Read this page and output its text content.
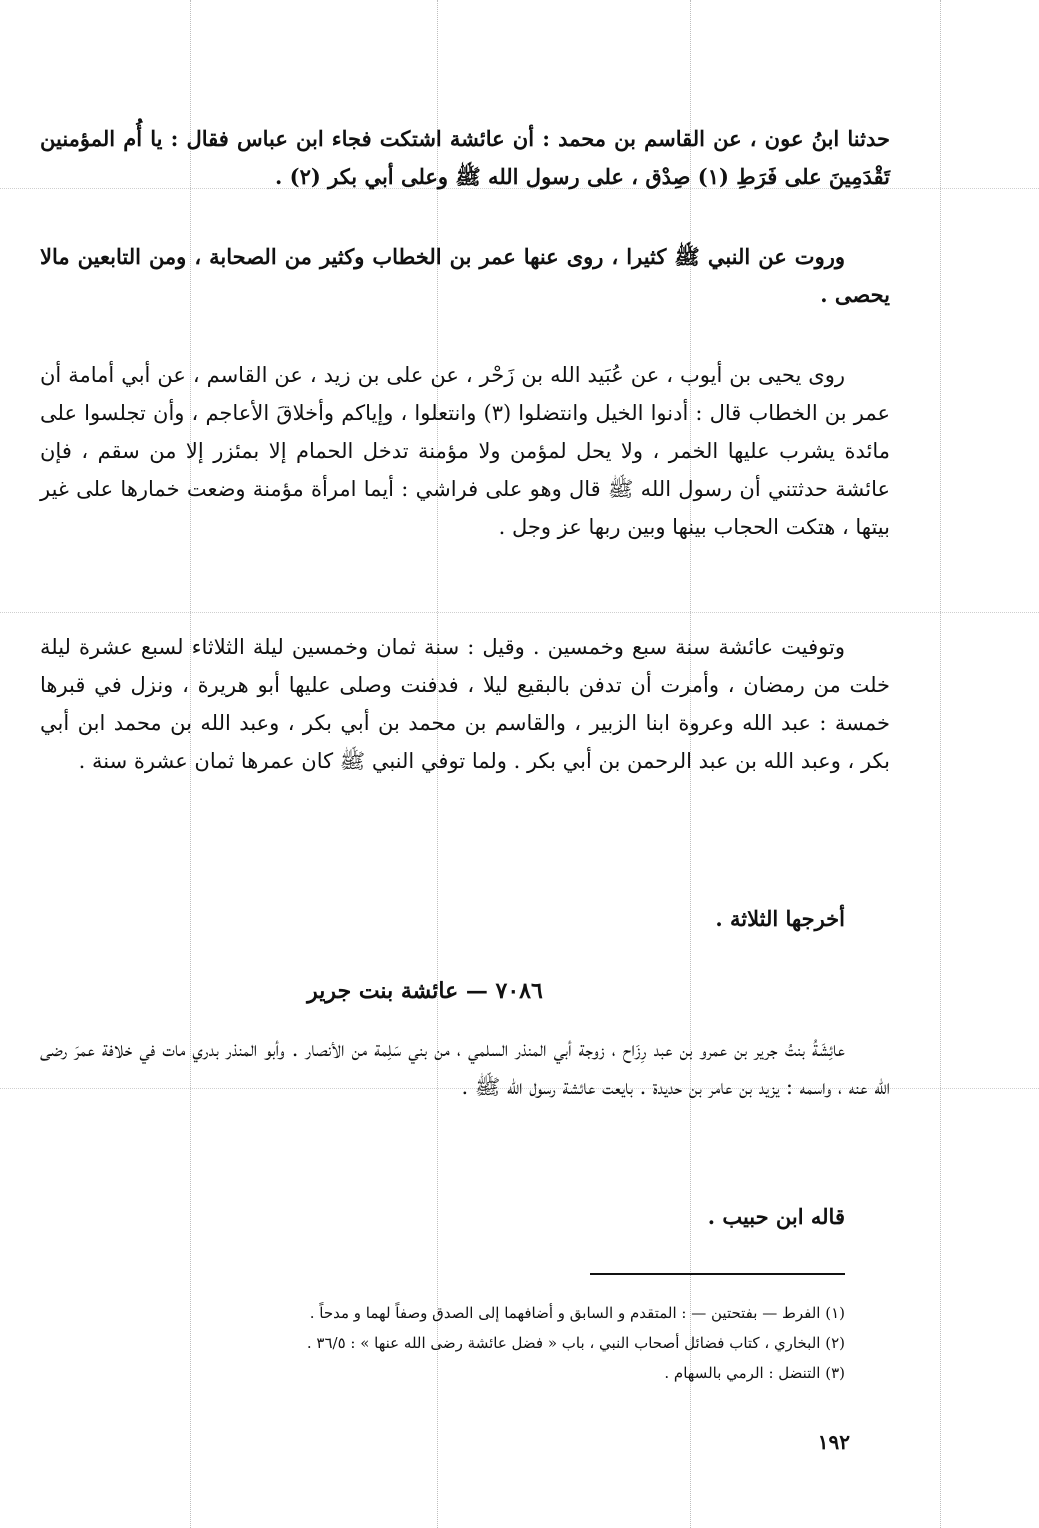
حدثنا ابنُ عون ، عن القاسم بن محمد : أن عائشة اشتكت فجاء ابن عباس فقال : يا أُم المؤمنين تَقْدَمِينَ على فَرَطِ (١) صِدْق ، على رسول الله ﷺ وعلى أبي بكر (٢) .
وروت عن النبي ﷺ كثيرا ، روى عنها عمر بن الخطاب وكثير من الصحابة ، ومن التابعين مالا يحصى .
روى يحيى بن أيوب ، عن عُبَيد الله بن زَحْر ، عن على بن زيد ، عن القاسم ، عن أبي أمامة أن عمر بن الخطاب قال : أدنوا الخيل وانتضلوا (٣) وانتعلوا ، وإياكم وأخلاقَ الأعاجم ، وأن تجلسوا على مائدة يشرب عليها الخمر ، ولا يحل لمؤمن ولا مؤمنة تدخل الحمام إلا بمئزر إلا من سقم ، فإن عائشة حدثتني أن رسول الله ﷺ قال وهو على فراشي : أيما امرأة مؤمنة وضعت خمارها على غير بيتها ، هتكت الحجاب بينها وبين ربها عز وجل .
وتوفيت عائشة سنة سبع وخمسين . وقيل : سنة ثمان وخمسين ليلة الثلاثاء لسبع عشرة ليلة خلت من رمضان ، وأمرت أن تدفن بالبقيع ليلا ، فدفنت وصلى عليها أبو هريرة ، ونزل في قبرها خمسة : عبد الله وعروة ابنا الزبير ، والقاسم بن محمد بن أبي بكر ، وعبد الله بن محمد ابن أبي بكر ، وعبد الله بن عبد الرحمن بن أبي بكر . ولما توفي النبي ﷺ كان عمرها ثمان عشرة سنة .
أخرجها الثلاثة .
٧٠٨٦ — عائشة بنت جرير
عائِشَةُ بنتُ جرير بن عمرو بن عبد رِزَاح ، زوجة أبي المنذر السلمي ، من بني سَلِمة من الأنصار . وأبو المنذر بدري مات في خلافة عمرَ رضى الله عنه ، واسمه : يزيد بن عامر بن حديدة . بايعت عائشة رسول الله ﷺ .
قاله ابن حبيب .
(١) الفرط — بفتحتين — : المتقدم و السابق و أضافهما إلى الصدق وصفاً لهما و مدحاً .
(٢) البخاري ، كتاب فضائل أصحاب النبي ، باب « فضل عائشة رضى الله عنها » : ٣٦/٥ .
(٣) التنضل : الرمي بالسهام .
١٩٢
